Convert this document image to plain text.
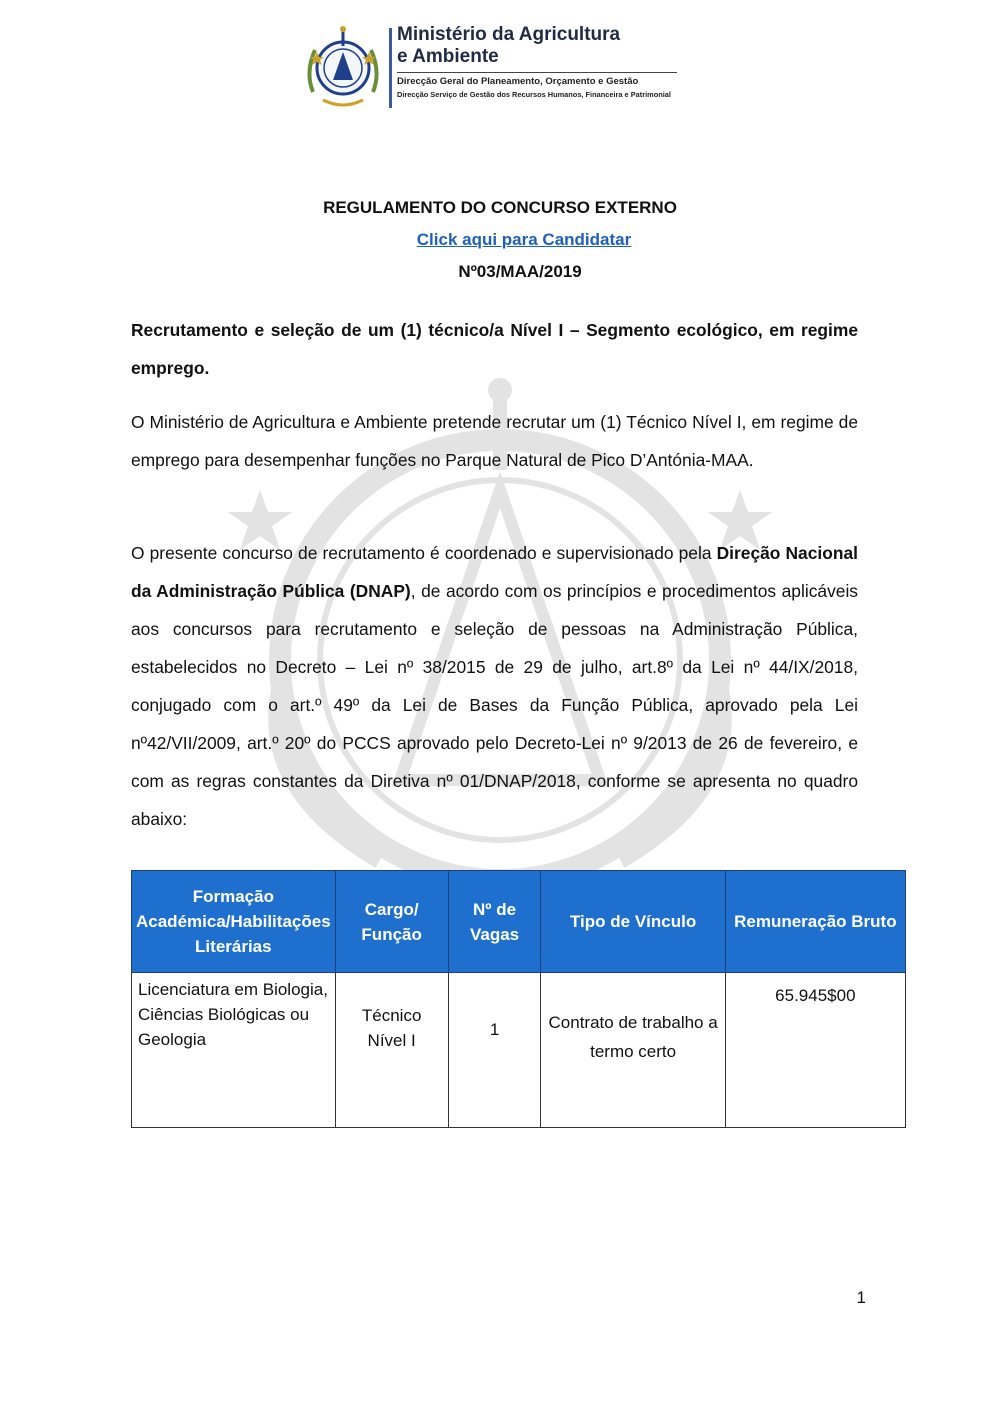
Ministério da Agricultura
e Ambiente
Direcção Geral do Planeamento, Orçamento e Gestão
Direcção Serviço de Gestão dos Recursos Humanos, Financeira e Patrimonial
REGULAMENTO DO CONCURSO EXTERNO
Click aqui para Candidatar
Nº03/MAA/2019
Recrutamento e seleção de um (1) técnico/a Nível I – Segmento ecológico, em regime emprego.
O Ministério de Agricultura e Ambiente pretende recrutar um (1) Técnico Nível I, em regime de emprego para desempenhar funções no Parque Natural de Pico D’Antónia-MAA.
O presente concurso de recrutamento é coordenado e supervisionado pela Direção Nacional da Administração Pública (DNAP), de acordo com os princípios e procedimentos aplicáveis aos concursos para recrutamento e seleção de pessoas na Administração Pública, estabelecidos no Decreto – Lei nº 38/2015 de 29 de julho, art.8º da Lei nº 44/IX/2018, conjugado com o art.º 49º da Lei de Bases da Função Pública, aprovado pela Lei nº42/VII/2009, art.º 20º do PCCS aprovado pelo Decreto-Lei nº 9/2013 de 26 de fevereiro, e com as regras constantes da Diretiva nº 01/DNAP/2018, conforme se apresenta no quadro abaixo:
Formação Académica/Habilitações Literárias	Cargo/ Função	Nº de Vagas	Tipo de Vínculo	Remuneração Bruto
Licenciatura em Biologia, Ciências Biológicas ou Geologia	Técnico Nível I	1	Contrato de trabalho a termo certo	65.945$00
1
